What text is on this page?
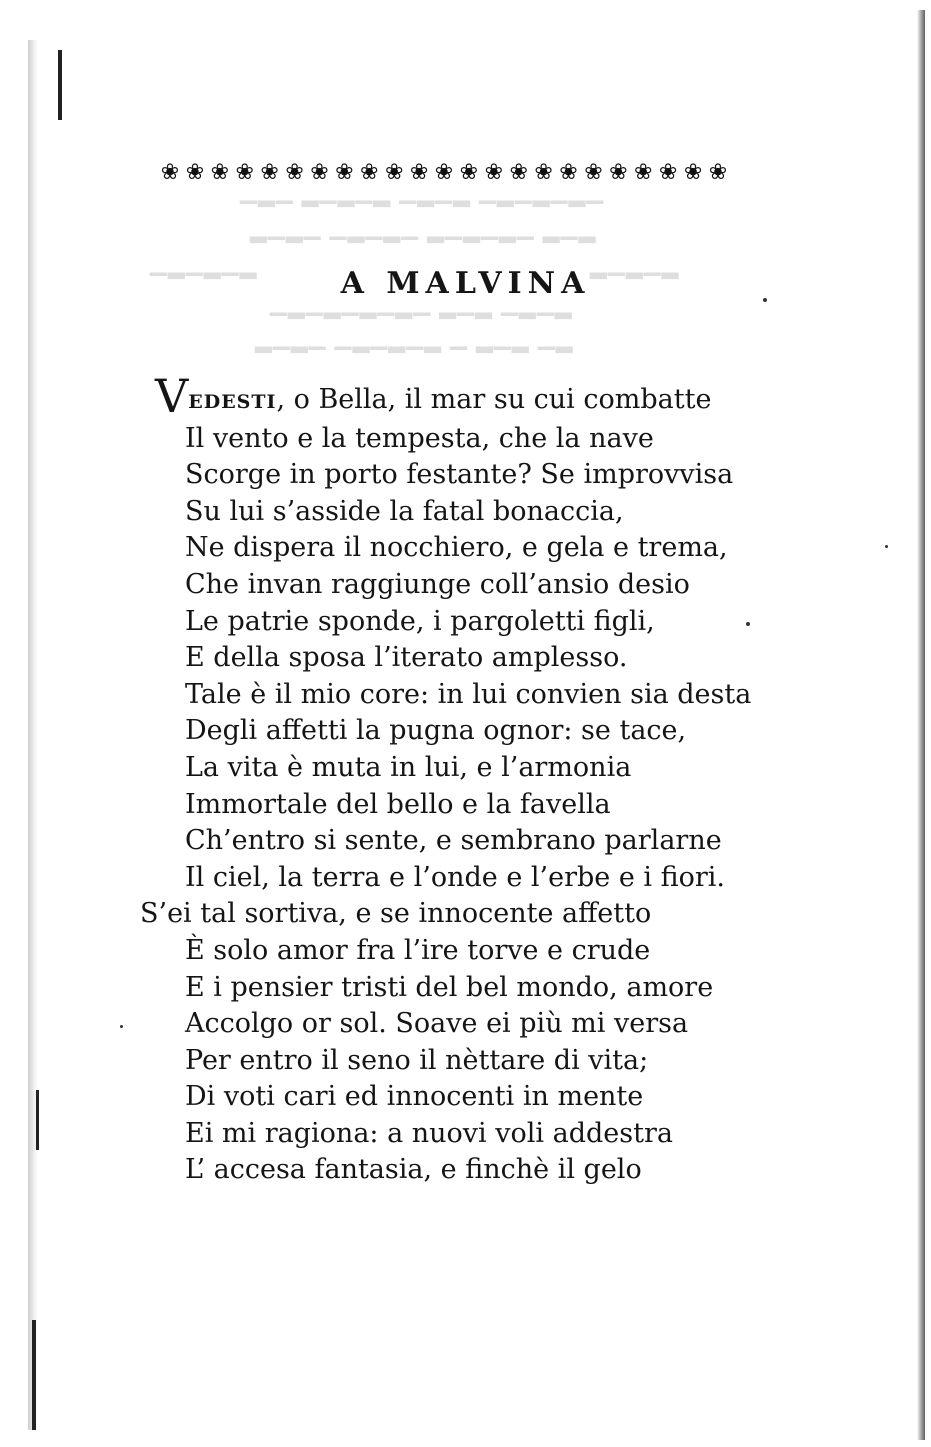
▁▂▁ ▂▁▂▁▂ ▁▂▁▂ ▁▂▁▂▁▂▁
▂▁▂▁ ▁▂▁▂▁ ▂▁▂▁▂▁ ▂▁▂
▁▂▁▂▁▂	▂▁▂▁▂
▁▂▁▂▁▂▁▂▁ ▂▁▂ ▁▂▁▂
▂▁▂▁ ▁▂▁▂▁▂ ▁ ▂▁▂ ▁▂
❀ ❀ ❀ ❀ ❀ ❀ ❀ ❀ ❀ ❀ ❀ ❀ ❀ ❀ ❀ ❀ ❀ ❀ ❀ ❀ ❀ ❀ ❀
A MALVINA
VEDESTI, o Bella, il mar su cui combatte
Il vento e la tempesta, che la nave
Scorge in porto festante? Se improvvisa
Su lui s’asside la fatal bonaccia,
Ne dispera il nocchiero, e gela e trema,
Che invan raggiunge coll’ansio desio
Le patrie sponde, i pargoletti figli,
E della sposa l’iterato amplesso.
Tale è il mio core: in lui convien sia desta
Degli affetti la pugna ognor: se tace,
La vita è muta in lui, e l’armonia
Immortale del bello e la favella
Ch’entro si sente, e sembrano parlarne
Il ciel, la terra e l’onde e l’erbe e i fiori.
S’ei tal sortiva, e se innocente affetto
È solo amor fra l’ire torve e crude
E i pensier tristi del bel mondo, amore
Accolgo or sol. Soave ei più mi versa
Per entro il seno il nèttare di vita;
Di voti cari ed innocenti in mente
Ei mi ragiona: a nuovi voli addestra
L’ accesa fantasia, e finchè il gelo
